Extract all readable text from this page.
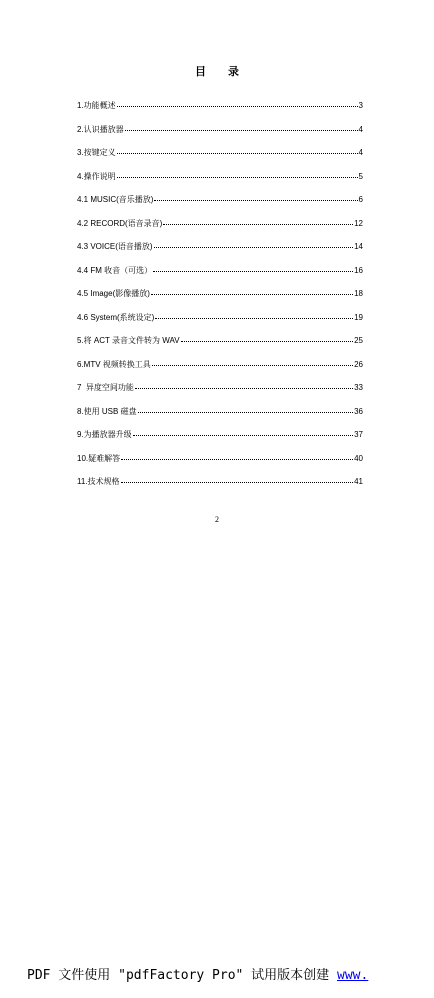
目 录
1.功能概述	3
2.认识播放器	4
3.按键定义	4
4.操作说明	5
4.1 MUSIC(音乐播放)	6
4.2 RECORD(语音录音)	12
4.3 VOICE(语音播放)	14
4.4 FM 收音（可选）	16
4.5 Image(影像播放)	18
4.6 System(系统设定)	19
5.将 ACT 录音文件转为 WAV	25
6.MTV 视频转换工具	26
7  异度空间功能	33
8.使用 USB 磁盘	36
9.为播放器升级	37
10.疑难解答	40
11.技术规格	41
2
PDF 文件使用 "pdfFactory Pro" 试用版本创建 www.
